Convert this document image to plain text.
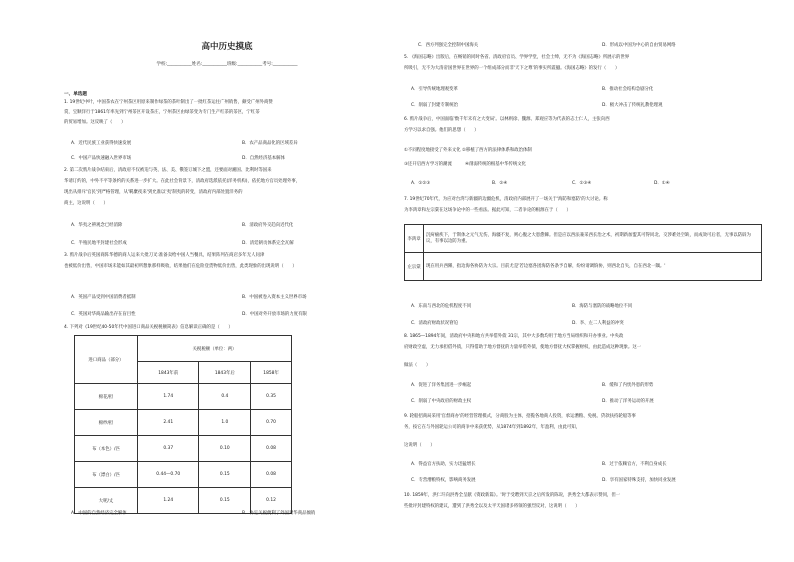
高中历史摸底
学校:___________姓名:___________班级:___________考号:___________
一、单选题
1. 19世纪中叶，中国茶农在宁州茶区用原来制作绿茶的茶叶制出了一批红茶运往广州销售，颇受广州外商赞
赏，宝顺洋行于1861年率先到宁州茶区开设茶庄，宁州茶区由绿茶变为专门生产红茶的茶区，宁红茶
的贸易增加。这反映了（　　）
A．近代民族工业获得快速发展	B．农产品商品化的区域差异
C．中国产品快速融入世界市场	D．自然经济基本解体
2. 第二次鸦片战争结束后，清政府不仅被迫与英、法、美、俄签订城下之盟，还要面对湘国、比利时等国来
华请订约的，中外不平等条约的关系进一步扩大。在此社会背景下，清政府选派依托(洋务机构)，依托地方官员处理外事，
现出从排斥'官民'到严格管理，从'羁縻夜来'到允准以'夷'制夷的转变，清政府内部处置洋务的
商主，这说明（　　）
A．华夷之辨观念已经消除	B．清政府外交趋向近代化
C．半殖民地半封建社会形成	D．清廷朝贡体系完全瓦解
3. 鸦片战争后英国商阵华德的商人运来大批刀叉:准备卖给中国人当餐具，结果阵列在商店多年无人问津
也被低价出售，中国市场未能如其最初所想象那样吸收，结果他们在危险登货物低价出售，此类现象的出现说明（　　）
A．英国产品受到中国消费者抵制	B．中国被卷入资本主义世界市场
C．英国对华商品输出存在盲目性	D．中国对外开放市场的力度有限
4. 下列对《19世纪40-50年代中国进口商品关税税额简表》信息解读正确的是（　　）
进口商品（部分）	关税税额（单位：两）		
	1843年前	1843年后	1858年
棉花/担	1.74	0.4	0.35
棉纱/担	2.41	1.0	0.70
布（本色）/匹	0.37	0.10	0.08
布（漂白）/匹	0.44—0.70	0.15	0.08
大呢/丈	1.24	0.15	0.12
A．中国的自然经济完全解体	B．协定关税便利了外国对华商品倾销
C．西方列强完全控制中国海关	D．形成以中国为中心的自由贸易网络
5. 《海国志略》出版后，在畅销的同时各省、清政府官员、学界学堂，社会士绅，无不为《海国志略》所展示的世界
所吸引，无不为大清帝国世界在世界的一个组成部分而非'天下之尊'的事实所震撼。《海国志略》的发行（　　）
A．引导传统地理观变革	B．推动社会结构急剧分化
C．削弱了封建专制统治	D．极大冲击了传统礼教伦理观
6. 鸦片战争后，中国面临'数千年未有之大变局'。以林则徐、魏源、郑观应等为代表的志士仁人，主张向西
方学习以求自强。他们的思想（　　）
①不同程度地接受了外来文化 ②移植了西方的法律体系和政治体制
③还开启西方学习的潮流　　　④削弱传统的根基中华传统文化
A．①②③	B．②④	C．①③④	D．①④
7. 19世纪70年代，为应对台湾与新疆的边疆危机，清政府内部展开了一场关于'海防和塞防'的大讨论。称
为李鸿章和左宗棠在这场争论中的一些看法。据此可知，二者争论的根源在于（　　）
李鸿章	沉疴痼疾下，于斯体之元气无伤，海疆不复，则心腹之大患愈棘。但是应以西法兼采西长治之术，初期新加盟其可得同北、交涉难处空缺，而成效可后者，无事以防辟为议，有事以边防为重。
左宗棠	现在用兵西陲，指边海各协防为大宗。目前尤是'若边塞各团海防各条予自解，纷纷请调饷协，则西北自失，自在西北一隅。'
A．东南与西北的危机程度不同	B．海防与塞防的战略地位不同
C．清政府财政状况窘迫	D．李、左二人利益的冲突
8. 1865—1894年间，清政府中央和地方共举借外债 31宗，其中大多数均用于地方当局组织和开办事业。中央政
府财政空虚，无力承担借外债，只得借助于地方督抚的力量举借外债，使地方督抚大权掌握财权，由此造成这种现象。这一
做法（　　）
A．促进了洋务集团进一步崛起	B．缓和了内忧外患的形势
C．削弱了中央政府的财政主权	D．推动了洋务运动的开展
9. 轮船招商局采用'官督商办'的经营管理模式，分商股为主体，招揽各地商人投资，承运漕粮、免税、贷款扶持轮船等事
务，按它在与外国轮运公司的商争中来获优势，从1874年到1892年，年盈利，由此可知，
这说明（　　）
A．得益官方扶助，实力迅猛增长	B．过于依赖官方，不利自身成长
C．专营漕粮特权，影响商务发展	D．享有国家特殊支持，加快同业发展
10. 1859年，洪仁玕向洪秀全呈献《资政新篇》。'时于受聘到天京之后所发的陈说，洪秀全大都表示赞同，但一
些批评封建特权的建议，遭到了洪秀全以及太平天国诸多将领的强烈反对，这说明（　　）
